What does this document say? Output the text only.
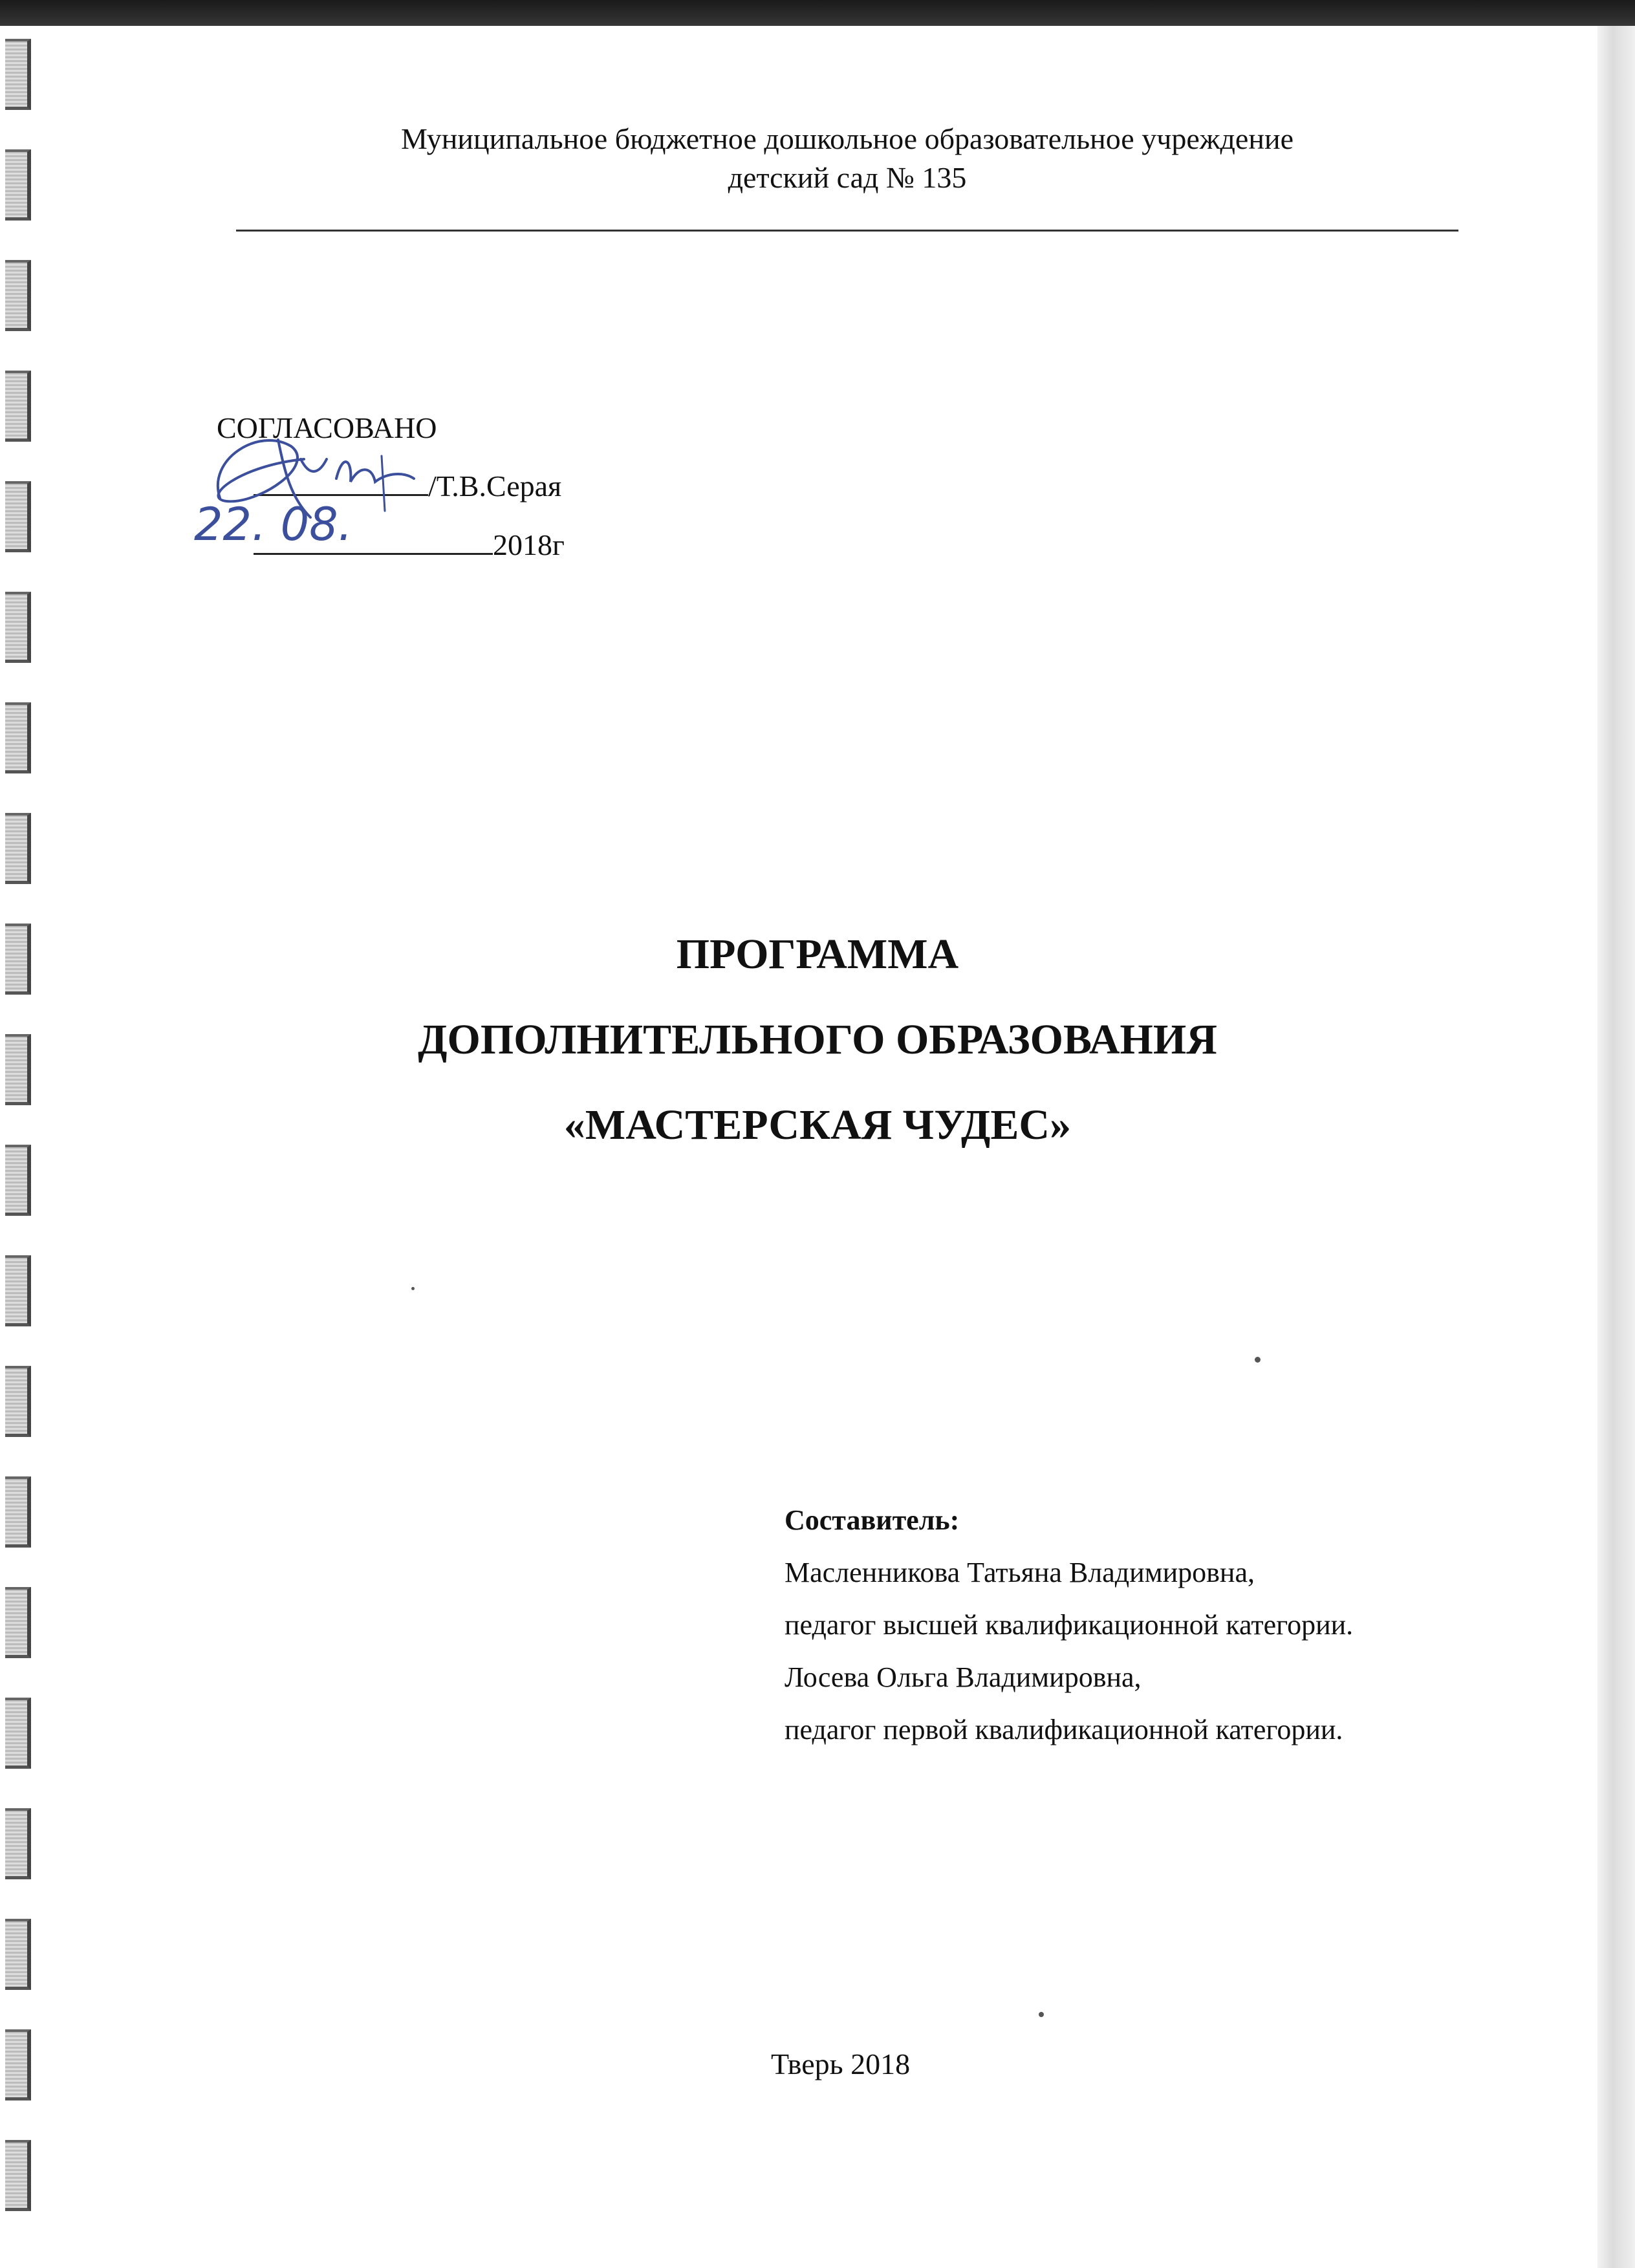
Муниципальное бюджетное дошкольное образовательное учреждение
детский сад № 135
СОГЛАСОВАНО
/Т.В.Серая
2018г
22. 08.
ПРОГРАММА
ДОПОЛНИТЕЛЬНОГО ОБРАЗОВАНИЯ
«МАСТЕРСКАЯ ЧУДЕС»
Составитель:
Масленникова Татьяна Владимировна,
педагог высшей квалификационной категории.
Лосева Ольга Владимировна,
педагог первой квалификационной категории.
Тверь 2018
